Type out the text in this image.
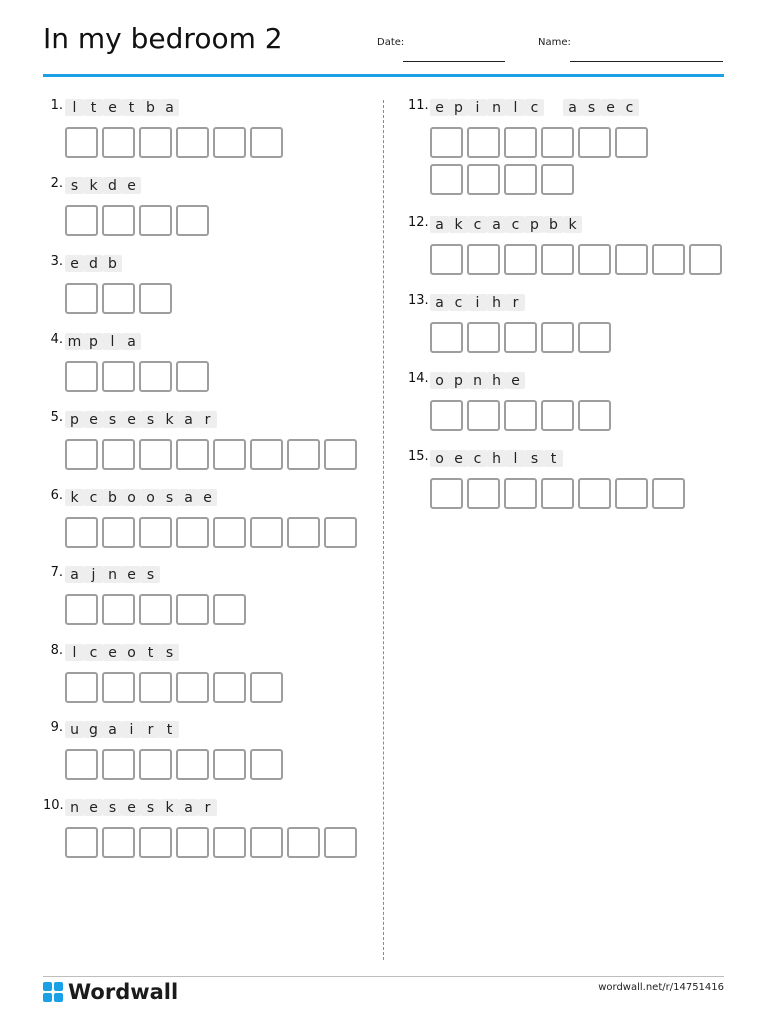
In my bedroom 2	Date:	Name:
1. l	t e t b a
2. s k d e
3. e d b
4. m p l a
5. p e s e s k a r
6. k c b o o s a e
7. a j n e s
8. l c e o t s
9. u g a i	r t
10. n e s e s k a r
11. e p i n l c	a s e c
12. a k c a c p b k
13. a c i h r
14. o p n h e
15. o e c h l s t
Wordwall	wordwall.net/r/14751416
